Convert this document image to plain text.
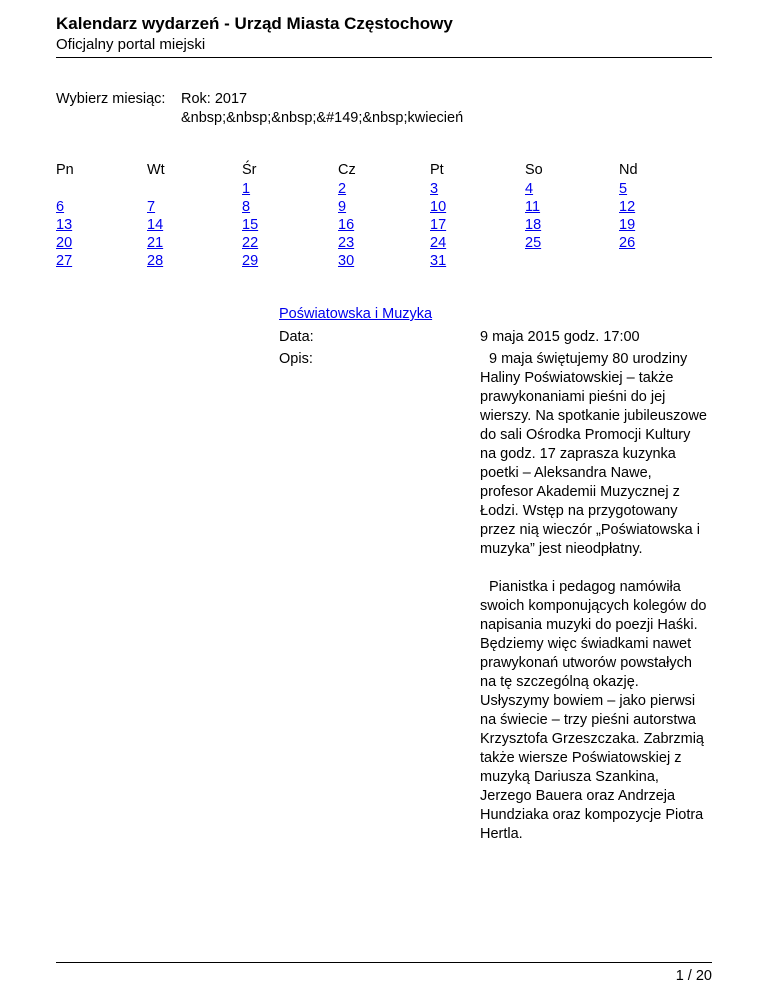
Kalendarz wydarzeń - Urząd Miasta Częstochowy
Oficjalny portal miejski
Wybierz miesiąc: Rok: 2017
&nbsp;&nbsp;&nbsp;&#149;&nbsp;kwiecień
Pn
6
13
20
27
Wt
7
14
21
28
Śr
1
8
15
22
29
Cz
2
9
16
23
30
Pt
3
10
17
24
31
So
4
11
18
25
Nd
5
12
19
26
Poświatowska i Muzyka
Data:	9 maja 2015 godz. 17:00
Opis:	9 maja świętujemy 80 urodziny Haliny Poświatowskiej – także prawykonaniami pieśni do jej wierszy. Na spotkanie jubileuszowe do sali Ośrodka Promocji Kultury na godz. 17 zaprasza kuzynka poetki – Aleksandra Nawe, profesor Akademii Muzycznej z Łodzi. Wstęp na przygotowany przez nią wieczór „Poświatowska i muzyka” jest nieodpłatny.

Pianistka i pedagog namówiła swoich komponujących kolegów do napisania muzyki do poezji Haśki. Będziemy więc świadkami nawet prawykonań utworów powstałych na tę szczególną okazję. Usłyszymy bowiem – jako pierwsi na świecie – trzy pieśni autorstwa Krzysztofa Grzeszczaka. Zabrzmią także wiersze Poświatowskiej z muzyką Dariusza Szankina, Jerzego Bauera oraz Andrzeja Hundziaka oraz kompozycje Piotra Hertla.

1 / 20
